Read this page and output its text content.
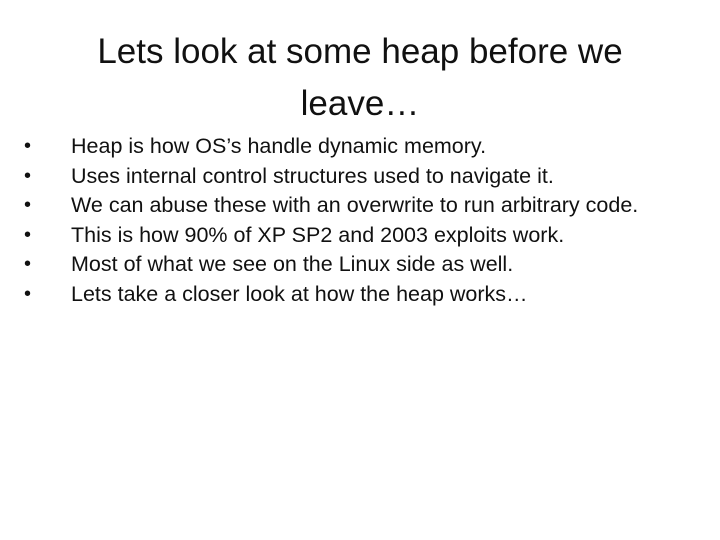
Lets look at some heap before we leave…
•	Heap is how OS’s handle dynamic memory.
•	Uses internal control structures used to navigate it.
•	We can abuse these with an overwrite to run arbitrary code.
•	This is how 90% of XP SP2 and 2003 exploits work.
•	Most of what we see on the Linux side as well.
•	Lets take a closer look at how the heap works…
